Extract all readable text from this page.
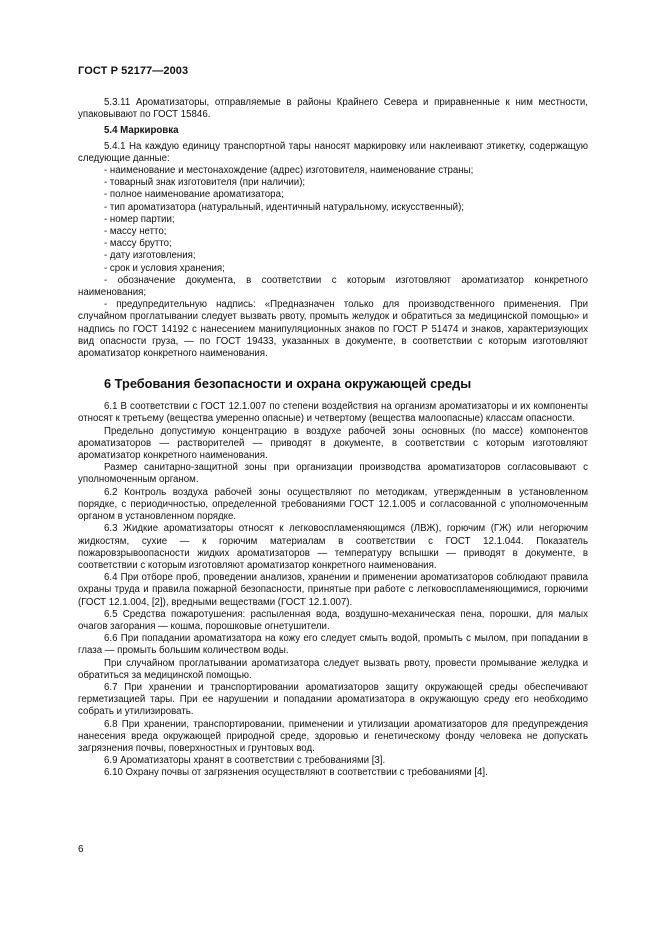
ГОСТ Р 52177—2003

5.3.11 Ароматизаторы, отправляемые в районы Крайнего Севера и приравненные к ним местности, упаковывают по ГОСТ 15846.

5.4 Маркировка

5.4.1 На каждую единицу транспортной тары наносят маркировку или наклеивают этикетку, содержащую следующие данные:

- наименование и местонахождение (адрес) изготовителя, наименование страны;

- товарный знак изготовителя (при наличии);

- полное наименование ароматизатора;

- тип ароматизатора (натуральный, идентичный натуральному, искусственный);

- номер партии;

- массу нетто;

- массу брутто;

- дату изготовления;

- срок и условия хранения;

- обозначение документа, в соответствии с которым изготовляют ароматизатор конкретного наименования;

- предупредительную надпись: «Предназначен только для производственного применения. При случайном проглатывании следует вызвать рвоту, промыть желудок и обратиться за медицинской помощью» и надпись по ГОСТ 14192 с нанесением манипуляционных знаков по ГОСТ Р 51474 и знаков, характеризующих вид опасности груза, — по ГОСТ 19433, указанных в документе, в соответствии с которым изготовляют ароматизатор конкретного наименования.

6 Требования безопасности и охрана окружающей среды

6.1 В соответствии с ГОСТ 12.1.007 по степени воздействия на организм ароматизаторы и их компоненты относят к третьему (вещества умеренно опасные) и четвертому (вещества малоопасные) классам опасности.

Предельно допустимую концентрацию в воздухе рабочей зоны основных (по массе) компонентов ароматизаторов — растворителей — приводят в документе, в соответствии с которым изготовляют ароматизатор конкретного наименования.

Размер санитарно-защитной зоны при организации производства ароматизаторов согласовывают с уполномоченным органом.

6.2 Контроль воздуха рабочей зоны осуществляют по методикам, утвержденным в установленном порядке, с периодичностью, определенной требованиями ГОСТ 12.1.005 и согласованной с уполномоченным органом в установленном порядке.

6.3 Жидкие ароматизаторы относят к легковоспламеняющимся (ЛВЖ), горючим (ГЖ) или негорючим жидкостям, сухие — к горючим материалам в соответствии с ГОСТ 12.1.044. Показатель пожаровзрывоопасности жидких ароматизаторов — температуру вспышки — приводят в документе, в соответствии с которым изготовляют ароматизатор конкретного наименования.

6.4 При отборе проб, проведении анализов, хранении и применении ароматизаторов соблюдают правила охраны труда и правила пожарной безопасности, принятые при работе с легковоспламеняющимися, горючими (ГОСТ 12.1.004, [2]), вредными веществами (ГОСТ 12.1.007).

6.5 Средства пожаротушения: распыленная вода, воздушно-механическая пена, порошки, для малых очагов загорания — кошма, порошковые огнетушители.

6.6 При попадании ароматизатора на кожу его следует смыть водой, промыть с мылом, при попадании в глаза — промыть большим количеством воды.

При случайном проглатывании ароматизатора следует вызвать рвоту, провести промывание желудка и обратиться за медицинской помощью.

6.7 При хранении и транспортировании ароматизаторов защиту окружающей среды обеспечивают герметизацией тары. При ее нарушении и попадании ароматизатора в окружающую среду его необходимо собрать и утилизировать.

6.8 При хранении, транспортировании, применении и утилизации ароматизаторов для предупреждения нанесения вреда окружающей природной среде, здоровью и генетическому фонду человека не допускать загрязнения почвы, поверхностных и грунтовых вод.

6.9 Ароматизаторы хранят в соответствии с требованиями [3].

6.10 Охрану почвы от загрязнения осуществляют в соответствии с требованиями [4].

6
